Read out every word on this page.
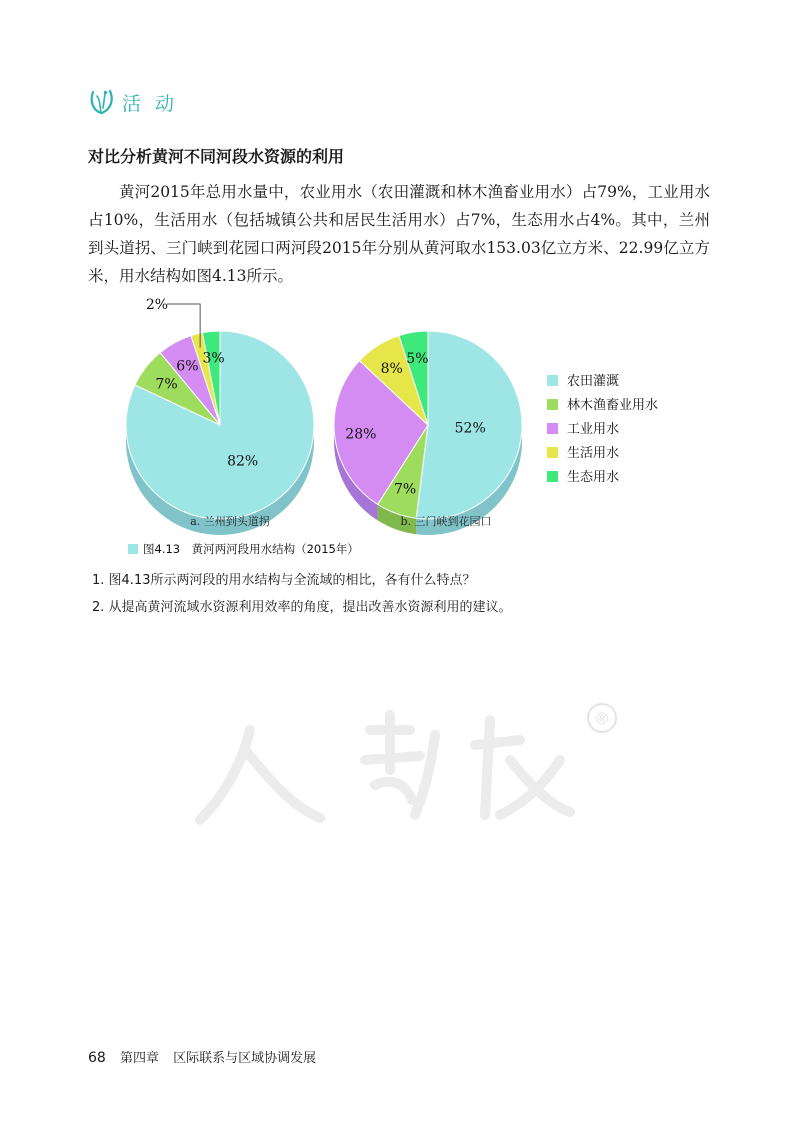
活 动
对比分析黄河不同河段水资源的利用

黄河2015年总用水量中，农业用水（农田灌溉和林木渔畜业用水）占79%，工业用水占10%，生活用水（包括城镇公共和居民生活用水）占7%，生态用水占4%。其中，兰州到头道拐、三门峡到花园口两河段2015年分别从黄河取水153.03亿立方米、22.99亿立方米，用水结构如图4.13所示。

82%
7%
6%
2%
3%
a. 兰州到头道拐
52%
7%
28%
8%
5%
b. 三门峡到花园口
农田灌溉
林木渔畜业用水
工业用水
生活用水
生态用水
图4.13　黄河两河段用水结构（2015年）
1. 图4.13所示两河段的用水结构与全流域的相比，各有什么特点？
2. 从提高黄河流域水资源利用效率的角度，提出改善水资源利用的建议。
®
68 第四章 区际联系与区域协调发展
